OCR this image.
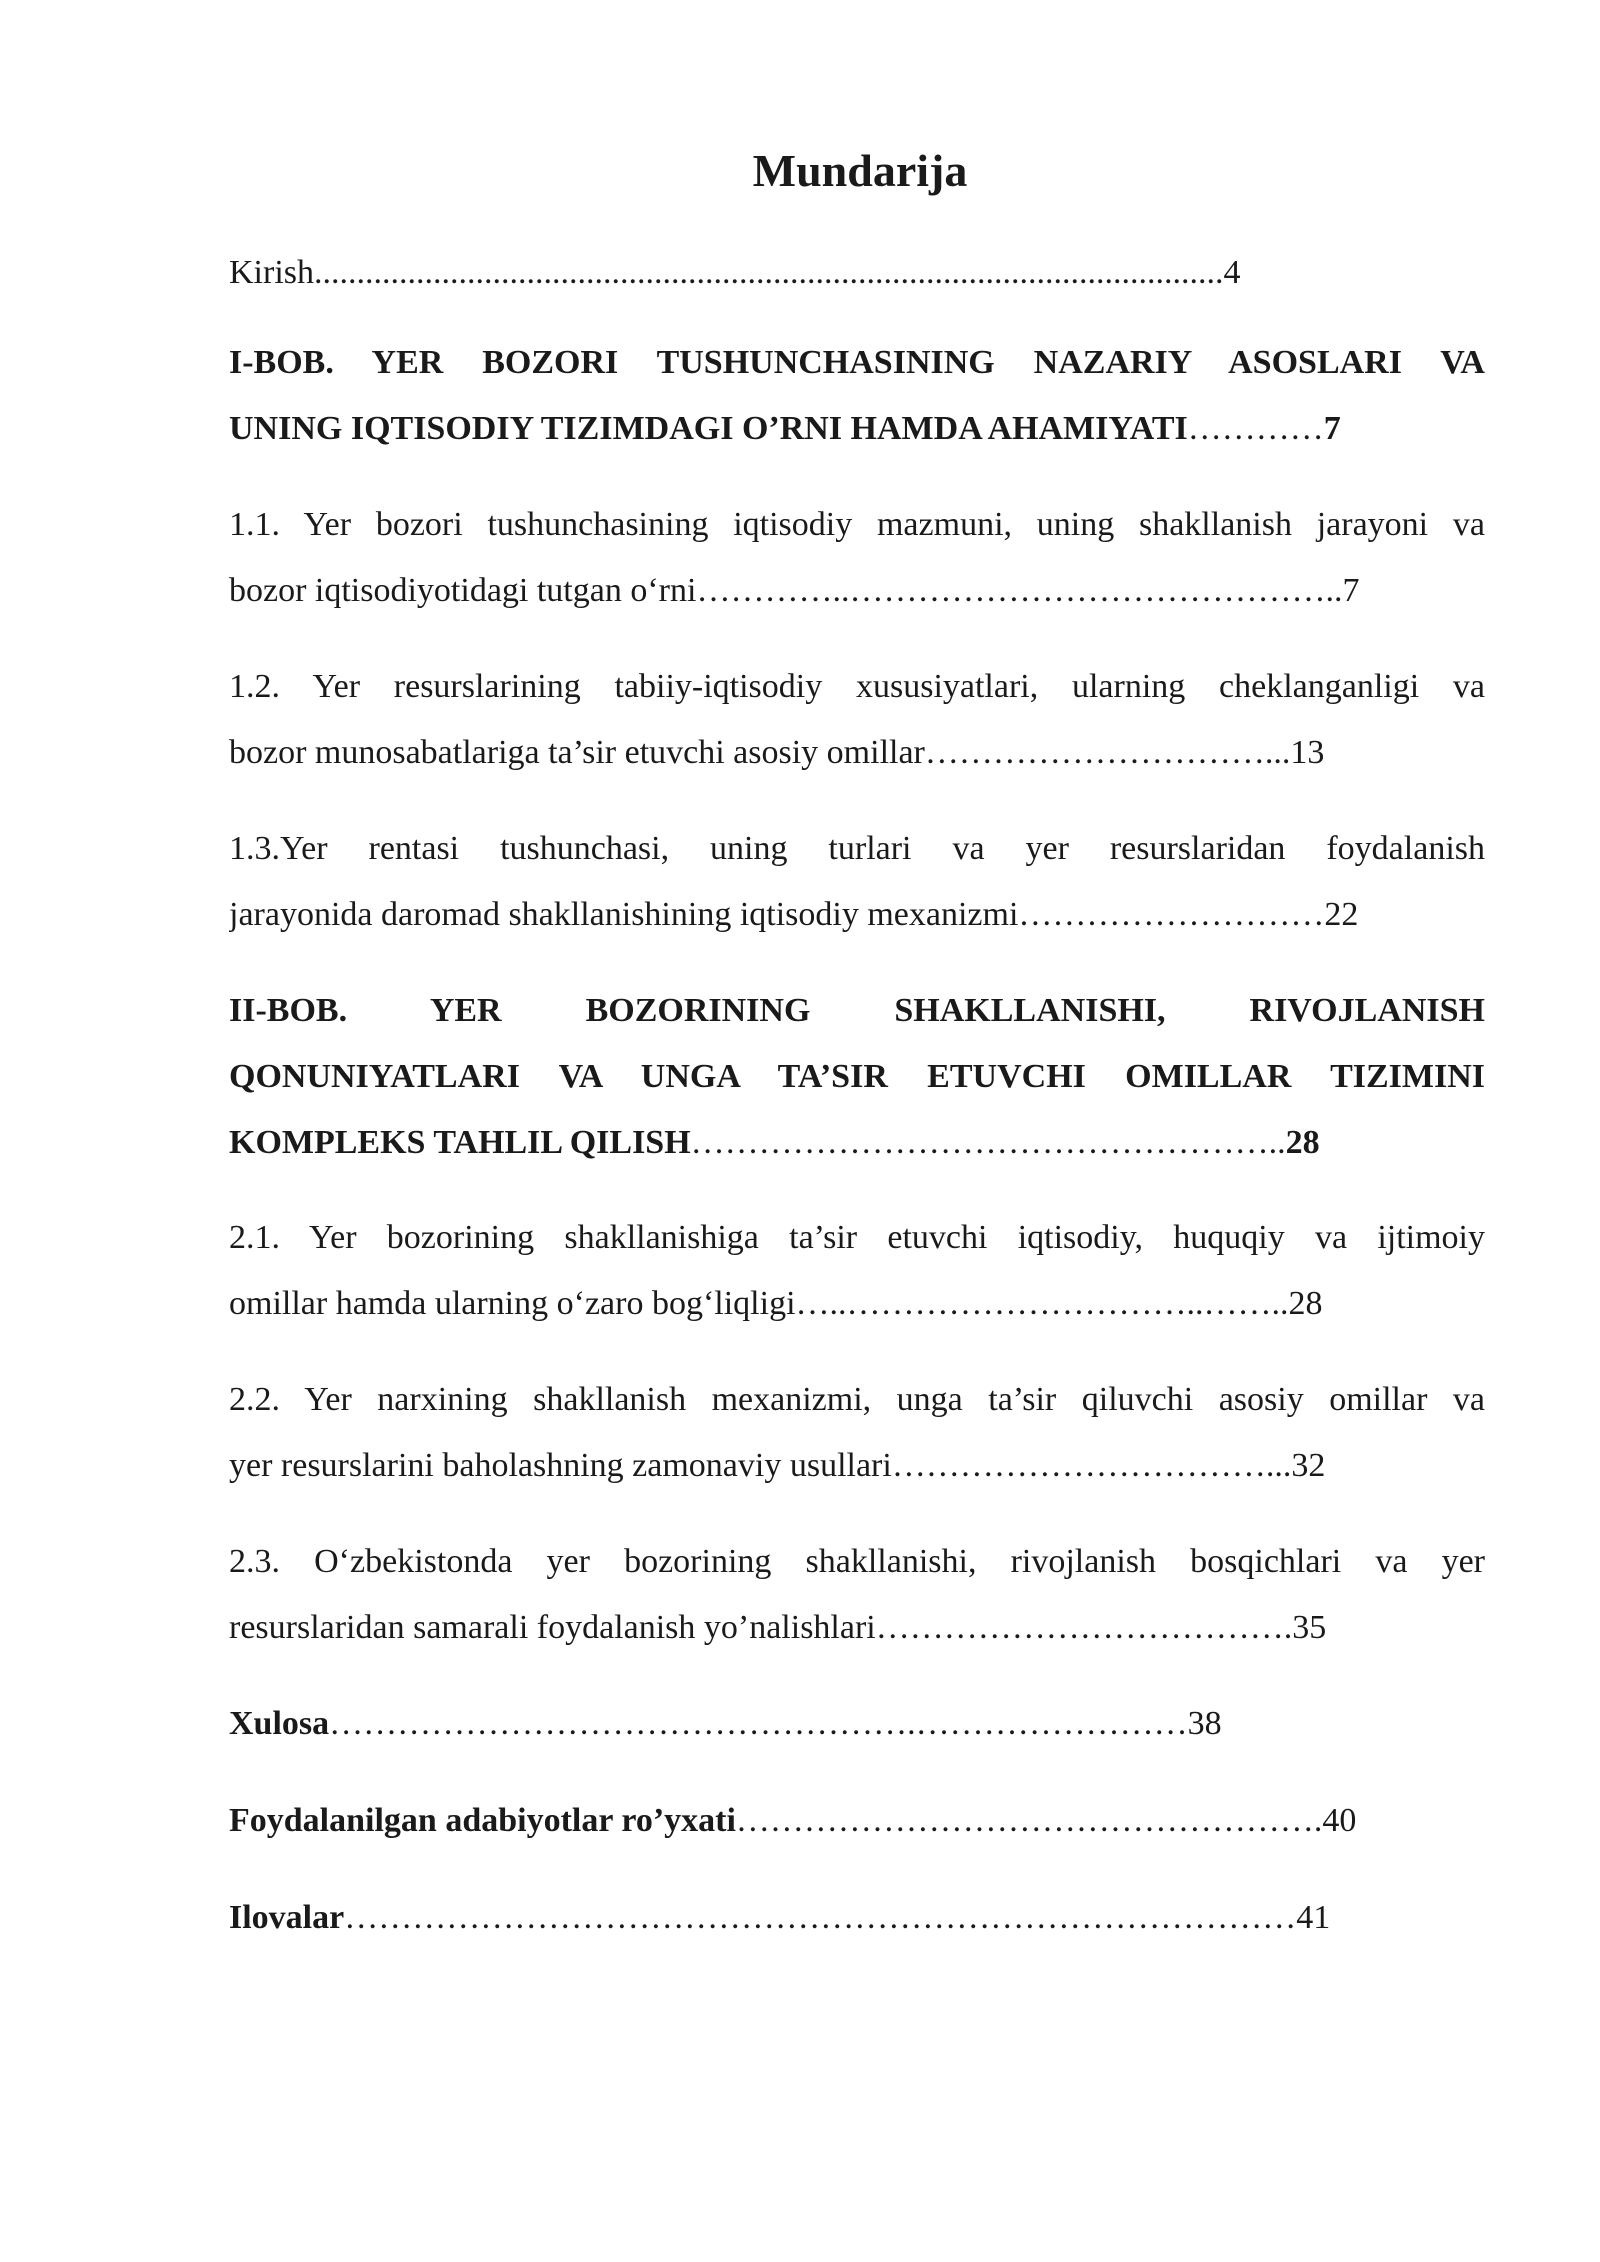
Mundarija
Kirish...........................................................................................................4
I-BOB. YER BOZORI TUSHUNCHASINING NAZARIY ASOSLARI VA
UNING IQTISODIY TIZIMDAGI O’RNI HAMDA AHAMIYATI…………7
1.1. Yer bozori tushunchasining iqtisodiy mazmuni, uning shakllanish jarayoni va
bozor iqtisodiyotidagi tutgan o‘rni…………..……………………………………..7
1.2. Yer resurslarining tabiiy-iqtisodiy xususiyatlari, ularning cheklanganligi va
bozor munosabatlariga ta’sir etuvchi asosiy omillar…………………………...13
1.3.Yer rentasi tushunchasi, uning turlari va yer resurslaridan foydalanish
jarayonida daromad shakllanishining iqtisodiy mexanizmi………………………22
II-BOB. YER BOZORINING SHAKLLANISHI, RIVOJLANISH
QONUNIYATLARI VA UNGA TA’SIR ETUVCHI OMILLAR TIZIMINI
KOMPLEKS TAHLIL QILISH……………………………………………..28
2.1. Yer bozorining shakllanishiga ta’sir etuvchi iqtisodiy, huquqiy va ijtimoiy
omillar hamda ularning o‘zaro bog‘liqligi…..…………………………..……..28
2.2. Yer narxining shakllanish mexanizmi, unga ta’sir qiluvchi asosiy omillar va
yer resurslarini baholashning zamonaviy usullari……………………………...32
2.3. O‘zbekistonda yer bozorining shakllanishi, rivojlanish bosqichlari va yer
resurslaridan samarali foydalanish yo’nalishlari……………………………….35
Xulosa…………………………………………….……………………38
Foydalanilgan adabiyotlar ro’yxati…………………………………………….40
Ilovalar…………………………………………………………………………41
